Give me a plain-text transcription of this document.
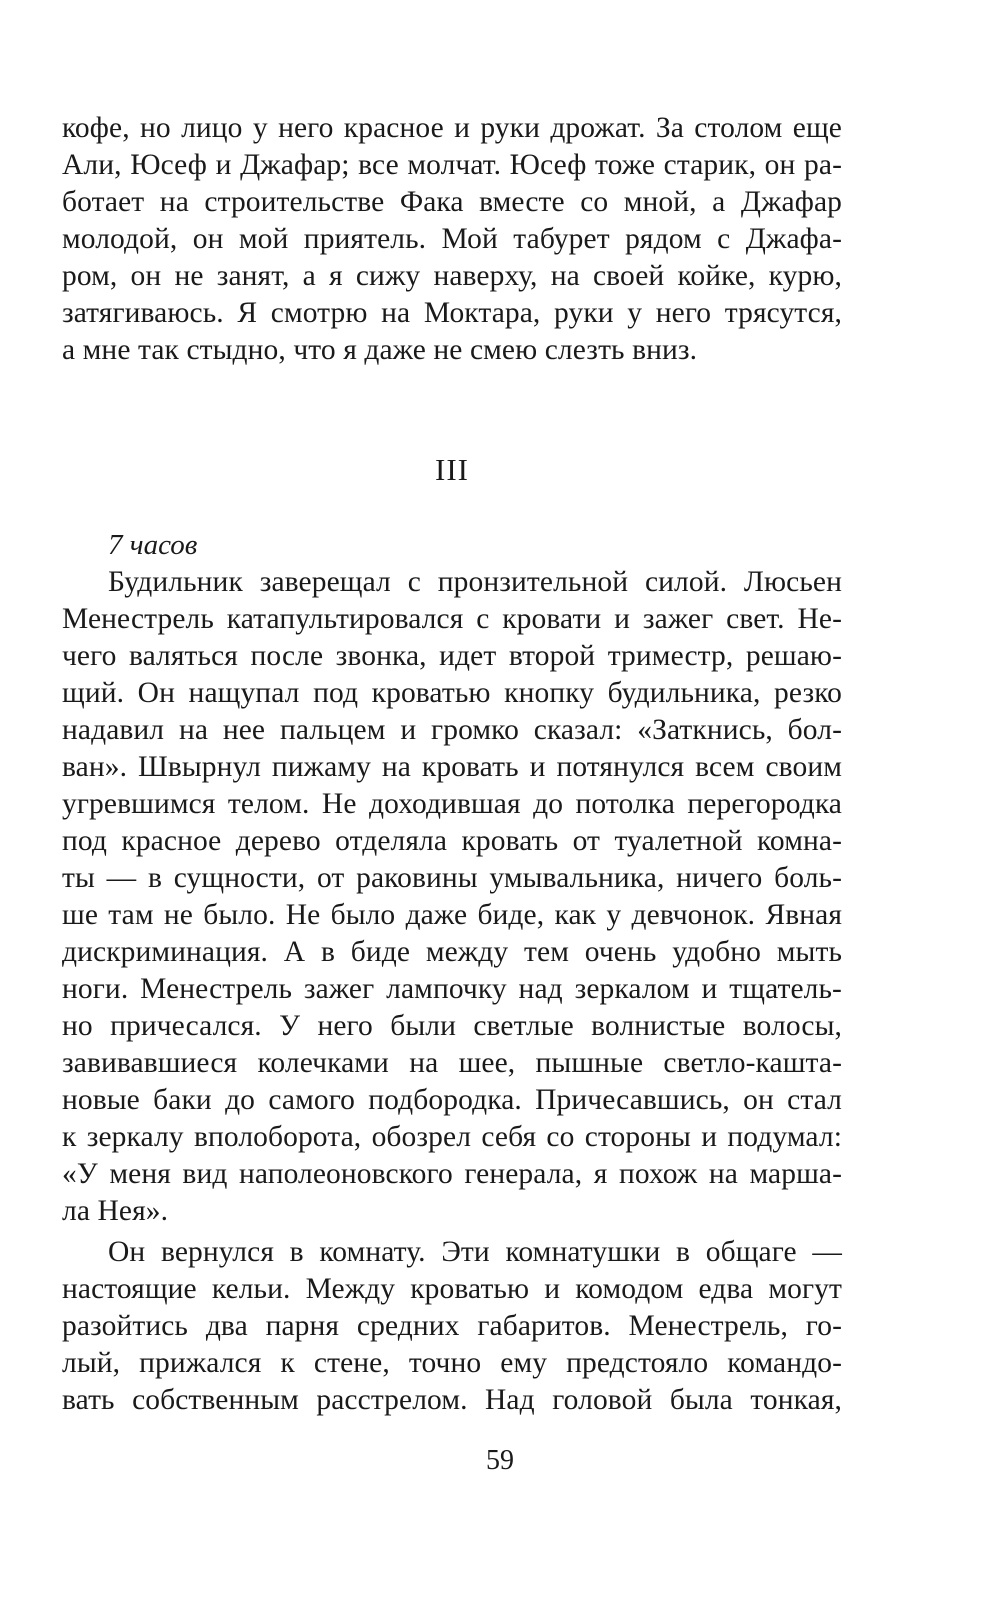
кофе, но лицо у него красное и руки дрожат. За столом еще
Али, Юсеф и Джафар; все молчат. Юсеф тоже старик, он ра-
ботает на строительстве Фака вместе со мной, а Джафар
молодой, он мой приятель. Мой табурет рядом с Джафа-
ром, он не занят, а я сижу наверху, на своей койке, курю,
затягиваюсь. Я смотрю на Моктара, руки у него трясутся,
а мне так стыдно, что я даже не смею слезть вниз.
III
7 часов
Будильник заверещал с пронзительной силой. Люсьен
Менестрель катапультировался с кровати и зажег свет. Не-
чего валяться после звонка, идет второй триместр, решаю-
щий. Он нащупал под кроватью кнопку будильника, резко
надавил на нее пальцем и громко сказал: «Заткнись, бол-
ван». Швырнул пижаму на кровать и потянулся всем своим
угревшимся телом. Не доходившая до потолка перегородка
под красное дерево отделяла кровать от туалетной комна-
ты — в сущности, от раковины умывальника, ничего боль-
ше там не было. Не было даже биде, как у девчонок. Явная
дискриминация. А в биде между тем очень удобно мыть
ноги. Менестрель зажег лампочку над зеркалом и тщатель-
но причесался. У него были светлые волнистые волосы,
завивавшиеся колечками на шее, пышные светло-кашта-
новые баки до самого подбородка. Причесавшись, он стал
к зеркалу вполоборота, обозрел себя со стороны и подумал:
«У меня вид наполеоновского генерала, я похож на марша-
ла Нея».
Он вернулся в комнату. Эти комнатушки в общаге —
настоящие кельи. Между кроватью и комодом едва могут
разойтись два парня средних габаритов. Менестрель, го-
лый, прижался к стене, точно ему предстояло командо-
вать собственным расстрелом. Над головой была тонкая,
59
